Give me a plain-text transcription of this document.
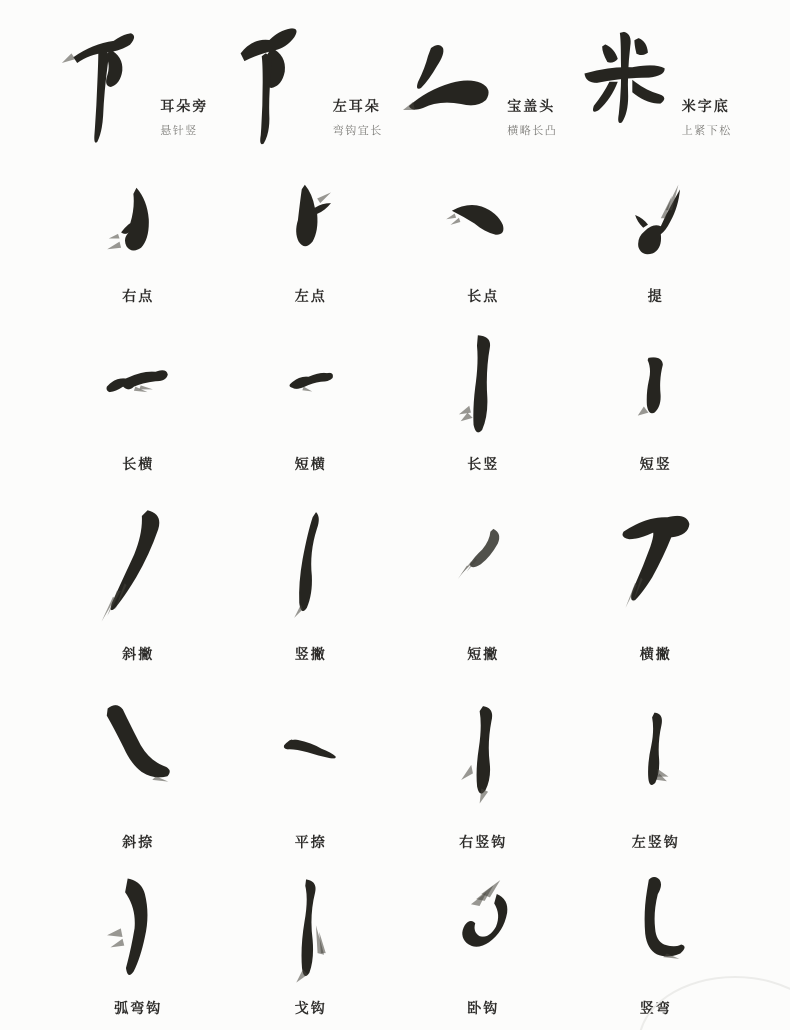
耳朵旁
悬针竖
左耳朵
弯钩宜长
宝盖头
横略长凸
米字底
上紧下松
右点	左点	长点	提
长横	短横	长竖	短竖
斜撇	竖撇	短撇	横撇
斜捺	平捺	右竖钩	左竖钩
弧弯钩	戈钩	卧钩	竖弯
